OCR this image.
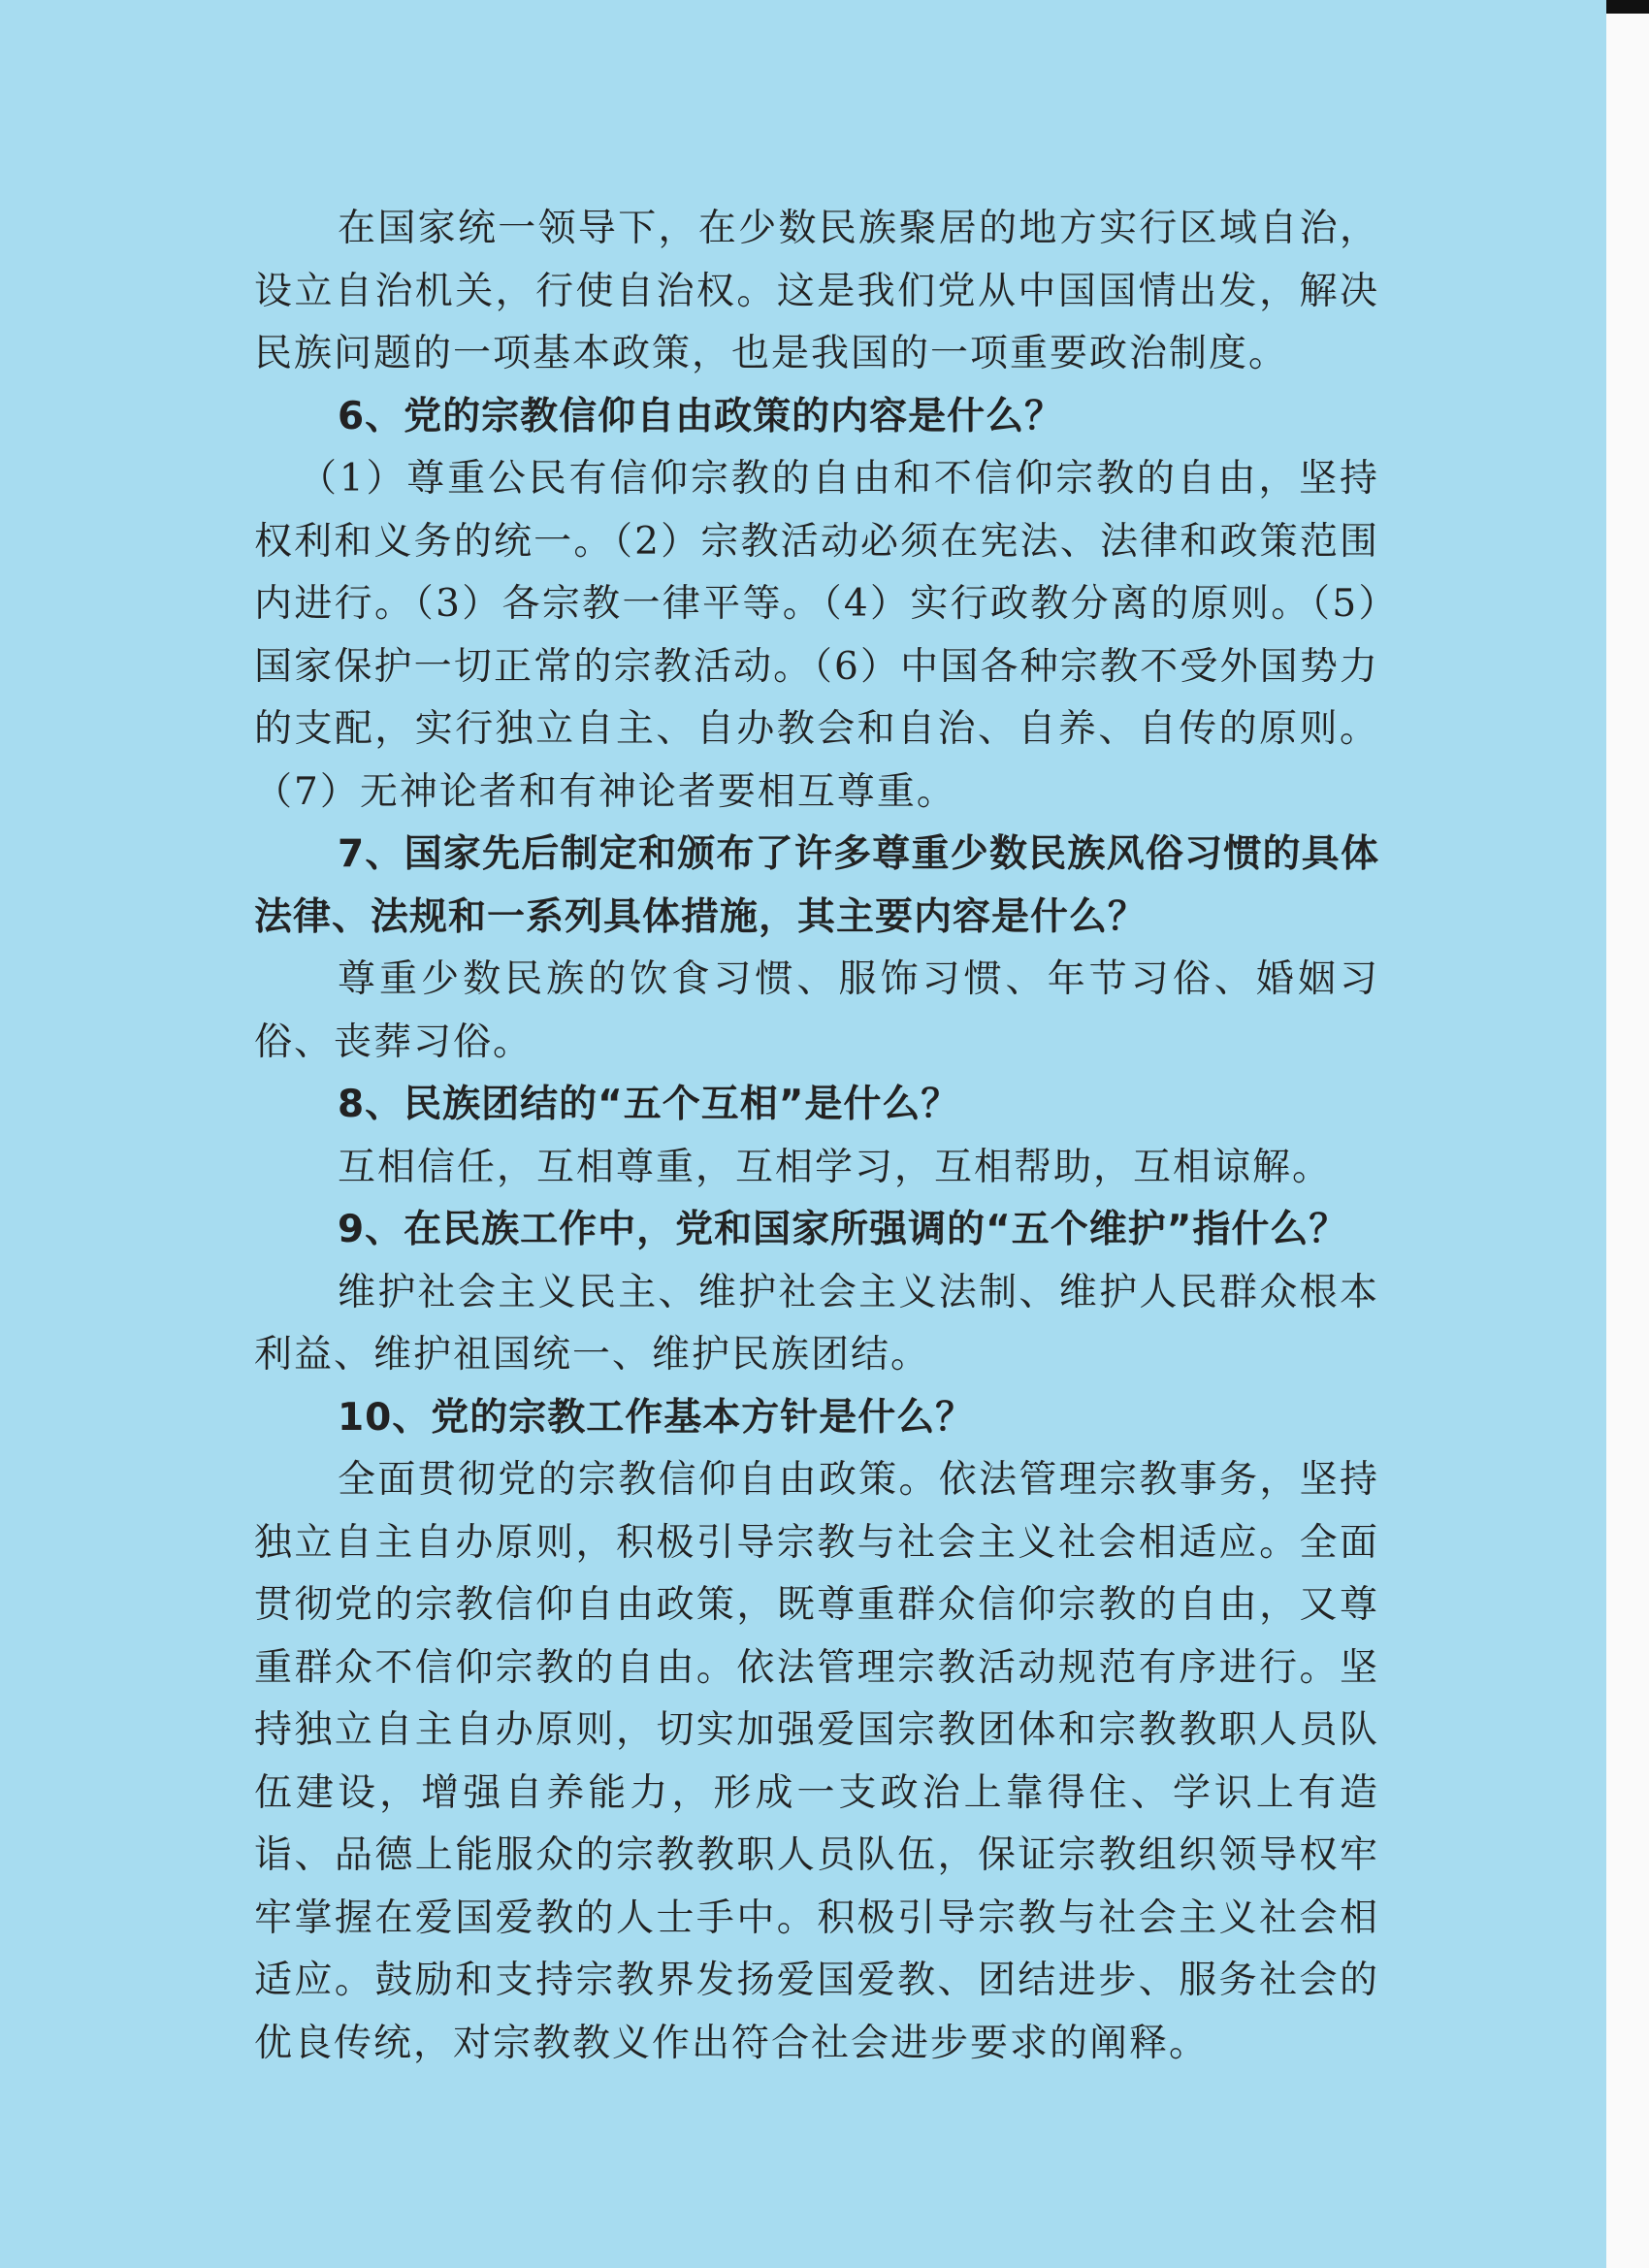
在国家统一领导下，在少数民族聚居的地方实行区域自治，设立自治机关，行使自治权。这是我们党从中国国情出发，解决民族问题的一项基本政策，也是我国的一项重要政治制度。

6、党的宗教信仰自由政策的内容是什么？

（1）尊重公民有信仰宗教的自由和不信仰宗教的自由，坚持权利和义务的统一。（2）宗教活动必须在宪法、法律和政策范围内进行。（3）各宗教一律平等。（4）实行政教分离的原则。（5）国家保护一切正常的宗教活动。（6）中国各种宗教不受外国势力的支配，实行独立自主、自办教会和自治、自养、自传的原则。（7）无神论者和有神论者要相互尊重。

7、国家先后制定和颁布了许多尊重少数民族风俗习惯的具体法律、法规和一系列具体措施，其主要内容是什么？

尊重少数民族的饮食习惯、服饰习惯、年节习俗、婚姻习俗、丧葬习俗。

8、民族团结的“五个互相”是什么？

互相信任，互相尊重，互相学习，互相帮助，互相谅解。

9、在民族工作中，党和国家所强调的“五个维护”指什么？

维护社会主义民主、维护社会主义法制、维护人民群众根本利益、维护祖国统一、维护民族团结。

10、党的宗教工作基本方针是什么？

全面贯彻党的宗教信仰自由政策。依法管理宗教事务，坚持独立自主自办原则，积极引导宗教与社会主义社会相适应。全面贯彻党的宗教信仰自由政策，既尊重群众信仰宗教的自由，又尊重群众不信仰宗教的自由。依法管理宗教活动规范有序进行。坚持独立自主自办原则，切实加强爱国宗教团体和宗教教职人员队伍建设，增强自养能力，形成一支政治上靠得住、学识上有造诣、品德上能服众的宗教教职人员队伍，保证宗教组织领导权牢牢掌握在爱国爱教的人士手中。积极引导宗教与社会主义社会相适应。鼓励和支持宗教界发扬爱国爱教、团结进步、服务社会的优良传统，对宗教教义作出符合社会进步要求的阐释。
